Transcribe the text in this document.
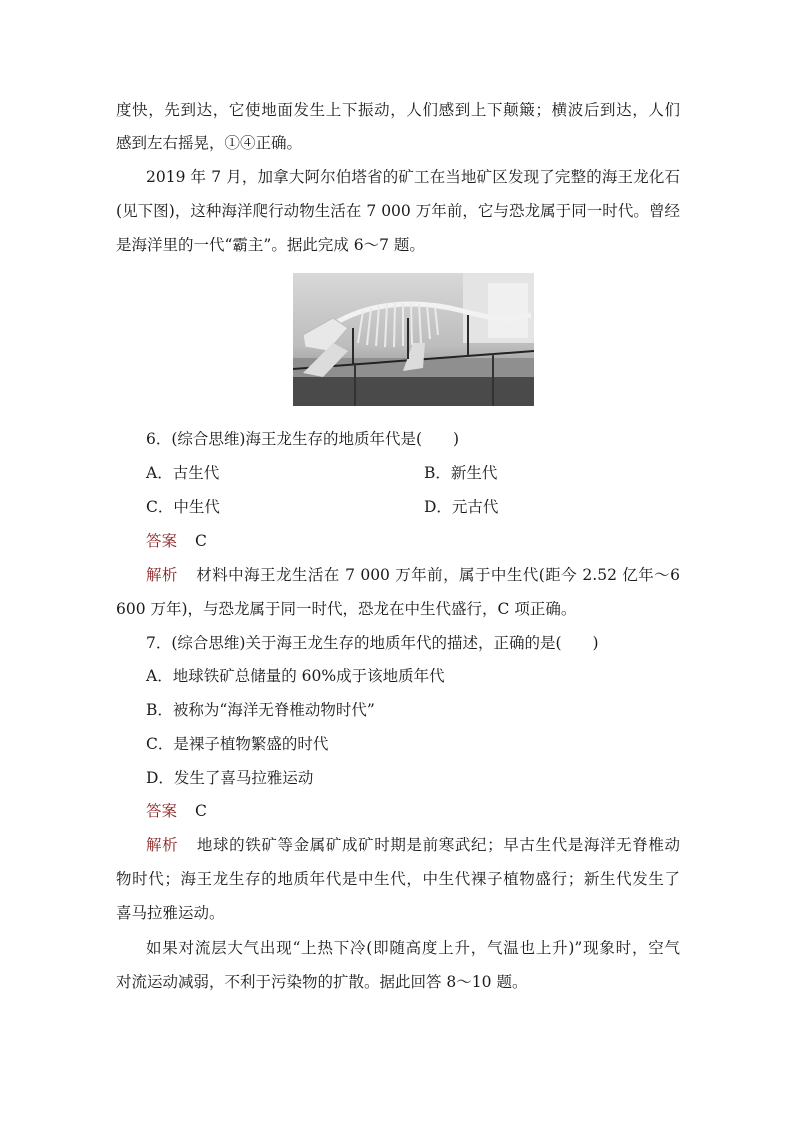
度快，先到达，它使地面发生上下振动，人们感到上下颠簸；横波后到达，人们
感到左右摇晃，①④正确。
2019 年 7 月，加拿大阿尔伯塔省的矿工在当地矿区发现了完整的海王龙化石
(见下图)，这种海洋爬行动物生活在 7 000 万年前，它与恐龙属于同一时代。曾经
是海洋里的一代“霸主”。据此完成 6～7 题。
6．(综合思维)海王龙生存的地质年代是(　　)
A．古生代	B．新生代
C．中生代	D．元古代
答案 C
解析 材料中海王龙生活在 7 000 万年前，属于中生代(距今 2.52 亿年～6
600 万年)，与恐龙属于同一时代，恐龙在中生代盛行，C 项正确。
7．(综合思维)关于海王龙生存的地质年代的描述，正确的是(　　)
A．地球铁矿总储量的 60%成于该地质年代
B．被称为“海洋无脊椎动物时代”
C．是裸子植物繁盛的时代
D．发生了喜马拉雅运动
答案 C
解析 地球的铁矿等金属矿成矿时期是前寒武纪；早古生代是海洋无脊椎动
物时代；海王龙生存的地质年代是中生代，中生代裸子植物盛行；新生代发生了
喜马拉雅运动。
如果对流层大气出现“上热下冷(即随高度上升，气温也上升)”现象时，空气
对流运动减弱，不利于污染物的扩散。据此回答 8～10 题。
